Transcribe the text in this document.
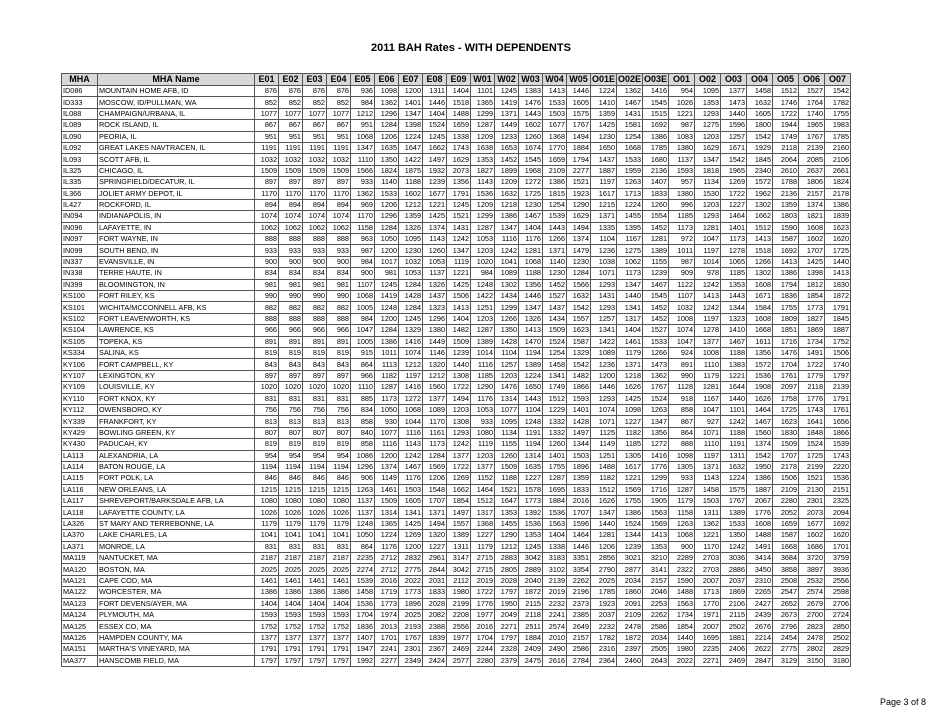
2011 BAH Rates - WITH DEPENDENTS
MHA	MHA Name	E01	E02	E03	E04	E05	E06	E07	E08	E09	W01	W02	W03	W04	W05	O01E	O02E	O03E	O01	O02	O03	O04	O05	O06	O07
ID086	MOUNTAIN HOME AFB, ID	876	876	876	876	936	1098	1200	1311	1404	1101	1245	1383	1413	1446	1224	1362	1416	954	1095	1377	1458	1512	1527	1542
ID333	MOSCOW, ID/PULLMAN, WA	852	852	852	852	984	1362	1401	1446	1518	1365	1419	1476	1533	1605	1410	1467	1545	1026	1353	1473	1632	1746	1764	1782
IL088	CHAMPAIGN/URBANA, IL	1077	1077	1077	1077	1212	1296	1347	1404	1488	1299	1371	1443	1503	1575	1359	1431	1515	1221	1293	1440	1605	1722	1740	1755
IL089	ROCK ISLAND, IL	867	867	867	867	951	1284	1398	1524	1659	1287	1449	1602	1677	1767	1425	1581	1692	987	1275	1596	1800	1944	1965	1983
IL090	PEORIA, IL	951	951	951	951	1068	1206	1224	1245	1338	1209	1233	1260	1368	1494	1230	1254	1386	1083	1203	1257	1542	1749	1767	1785
IL092	GREAT LAKES NAVTRACEN, IL	1191	1191	1191	1191	1347	1635	1647	1662	1743	1638	1653	1674	1770	1884	1650	1668	1785	1380	1629	1671	1929	2118	2139	2160
IL093	SCOTT AFB, IL	1032	1032	1032	1032	1110	1350	1422	1497	1629	1353	1452	1545	1659	1794	1437	1533	1680	1137	1347	1542	1845	2064	2085	2106
IL325	CHICAGO, IL	1509	1509	1509	1509	1566	1824	1875	1932	2073	1827	1899	1968	2109	2277	1887	1959	2136	1593	1818	1965	2340	2610	2637	2661
IL335	SPRINGFIELD/DECATUR, IL	897	897	897	897	933	1140	1188	1239	1356	1143	1209	1272	1386	1521	1197	1263	1407	957	1134	1269	1572	1788	1806	1824
IL366	JOLIET ARMY DEPOT, IL	1170	1170	1170	1170	1362	1533	1602	1677	1791	1536	1632	1725	1815	1923	1617	1713	1833	1380	1530	1722	1962	2136	2157	2178
IL427	ROCKFORD, IL	894	894	894	894	969	1206	1212	1221	1245	1209	1218	1230	1254	1290	1215	1224	1260	996	1203	1227	1302	1359	1374	1386
IN094	INDIANAPOLIS, IN	1074	1074	1074	1074	1170	1296	1359	1425	1521	1299	1386	1467	1539	1629	1371	1455	1554	1185	1293	1464	1662	1803	1821	1839
IN096	LAFAYETTE, IN	1062	1062	1062	1062	1158	1284	1326	1374	1431	1287	1347	1404	1443	1494	1335	1395	1452	1173	1281	1401	1512	1590	1608	1623
IN097	FORT WAYNE, IN	888	888	888	888	963	1050	1095	1143	1242	1053	1116	1176	1266	1374	1104	1167	1281	972	1047	1173	1413	1587	1602	1620
IN099	SOUTH BEND, IN	933	933	933	933	987	1200	1230	1260	1347	1203	1242	1281	1371	1479	1236	1275	1389	1011	1197	1278	1518	1692	1707	1725
IN337	EVANSVILLE, IN	900	900	900	900	984	1017	1032	1053	1119	1020	1041	1068	1140	1230	1038	1062	1155	987	1014	1065	1266	1413	1425	1440
IN338	TERRE HAUTE, IN	834	834	834	834	900	981	1053	1137	1221	984	1089	1188	1230	1284	1071	1173	1239	909	978	1185	1302	1386	1398	1413
IN399	BLOOMINGTON, IN	981	981	981	981	1107	1245	1284	1326	1425	1248	1302	1356	1452	1566	1293	1347	1467	1122	1242	1353	1608	1794	1812	1830
KS100	FORT RILEY, KS	990	990	990	990	1068	1419	1428	1437	1506	1422	1434	1446	1527	1632	1431	1440	1545	1107	1413	1443	1671	1836	1854	1872
KS101	WICHITA/MCCONNELL AFB, KS	882	882	882	882	1005	1248	1284	1323	1413	1251	1299	1347	1437	1542	1293	1341	1452	1032	1242	1344	1584	1755	1773	1791
KS102	FORT LEAVENWORTH, KS	888	888	888	888	984	1200	1245	1296	1404	1203	1266	1326	1434	1557	1257	1317	1452	1008	1197	1323	1608	1809	1827	1845
KS104	LAWRENCE, KS	966	966	966	966	1047	1284	1329	1380	1482	1287	1350	1413	1509	1623	1341	1404	1527	1074	1278	1410	1668	1851	1869	1887
KS105	TOPEKA, KS	891	891	891	891	1005	1386	1416	1449	1509	1389	1428	1470	1524	1587	1422	1461	1533	1047	1377	1467	1611	1716	1734	1752
KS334	SALINA, KS	819	819	819	819	915	1011	1074	1146	1239	1014	1104	1194	1254	1329	1089	1179	1266	924	1008	1188	1356	1476	1491	1506
KY106	FORT CAMPBELL, KY	843	843	843	843	864	1113	1212	1320	1440	1116	1257	1389	1458	1542	1236	1371	1473	891	1110	1383	1572	1704	1722	1740
KY107	LEXINGTON, KY	897	897	897	897	966	1182	1197	1212	1308	1185	1203	1224	1341	1482	1200	1218	1362	990	1179	1221	1536	1761	1779	1797
KY109	LOUISVILLE, KY	1020	1020	1020	1020	1110	1287	1416	1560	1722	1290	1476	1650	1749	1866	1446	1626	1767	1128	1281	1644	1908	2097	2118	2139
KY110	FORT KNOX, KY	831	831	831	831	885	1173	1272	1377	1494	1176	1314	1443	1512	1593	1293	1425	1524	918	1167	1440	1626	1758	1776	1791
KY112	OWENSBORO, KY	756	756	756	756	834	1050	1068	1089	1203	1053	1077	1104	1229	1401	1074	1098	1263	858	1047	1101	1464	1725	1743	1761
KY339	FRANKFORT, KY	813	813	813	813	858	930	1044	1170	1308	933	1095	1248	1332	1428	1071	1227	1347	867	927	1242	1467	1623	1641	1656
KY429	BOWLING GREEN, KY	807	807	807	807	840	1077	1116	1161	1293	1080	1134	1191	1332	1497	1125	1182	1356	864	1071	1188	1560	1830	1848	1866
KY430	PADUCAH, KY	819	819	819	819	858	1116	1143	1173	1242	1119	1155	1194	1260	1344	1149	1185	1272	888	1110	1191	1374	1509	1524	1539
LA113	ALEXANDRIA, LA	954	954	954	954	1086	1200	1242	1284	1377	1203	1260	1314	1401	1503	1251	1305	1416	1098	1197	1311	1542	1707	1725	1743
LA114	BATON ROUGE, LA	1194	1194	1194	1194	1296	1374	1467	1569	1722	1377	1509	1635	1755	1896	1488	1617	1776	1305	1371	1632	1950	2178	2199	2220
LA115	FORT POLK, LA	846	846	846	846	906	1149	1176	1206	1269	1152	1188	1227	1287	1359	1182	1221	1299	933	1143	1224	1386	1506	1521	1536
LA116	NEW ORLEANS, LA	1215	1215	1215	1215	1263	1461	1503	1548	1662	1464	1521	1578	1695	1833	1512	1569	1716	1287	1458	1575	1887	2109	2130	2151
LA117	SHREVEPORT/BARKSDALE AFB, LA	1080	1080	1080	1080	1137	1509	1605	1707	1854	1512	1647	1773	1884	2016	1626	1755	1905	1179	1503	1767	2067	2280	2301	2325
LA118	LAFAYETTE COUNTY, LA	1026	1026	1026	1026	1137	1314	1341	1371	1497	1317	1353	1392	1536	1707	1347	1386	1563	1158	1311	1389	1776	2052	2073	2094
LA326	ST MARY AND TERREBONNE, LA	1179	1179	1179	1179	1248	1365	1425	1494	1557	1368	1455	1536	1563	1596	1440	1524	1569	1263	1362	1533	1608	1659	1677	1692
LA370	LAKE CHARLES, LA	1041	1041	1041	1041	1050	1224	1269	1320	1389	1227	1290	1353	1404	1464	1281	1344	1413	1068	1221	1350	1488	1587	1602	1620
LA371	MONROE, LA	831	831	831	831	864	1176	1200	1227	1311	1179	1212	1245	1338	1446	1206	1239	1353	900	1170	1242	1491	1668	1686	1701
MA119	NANTUCKET, MA	2187	2187	2187	2187	2235	2712	2832	2961	3147	2715	2883	3042	3183	3351	2856	3021	3210	2289	2703	3036	3414	3684	3720	3759
MA120	BOSTON, MA	2025	2025	2025	2025	2274	2712	2775	2844	3042	2715	2805	2889	3102	3354	2790	2877	3141	2322	2703	2886	3450	3858	3897	3936
MA121	CAPE COD, MA	1461	1461	1461	1461	1539	2016	2022	2031	2112	2019	2028	2040	2139	2262	2025	2034	2157	1590	2007	2037	2310	2508	2532	2556
MA122	WORCESTER, MA	1386	1386	1386	1386	1458	1719	1773	1833	1980	1722	1797	1872	2019	2196	1785	1860	2046	1488	1713	1869	2265	2547	2574	2598
MA123	FORT DEVENS/AYER, MA	1404	1404	1404	1404	1536	1773	1896	2028	2199	1776	1950	2115	2232	2373	1923	2091	2253	1563	1770	2106	2427	2652	2679	2706
MA124	PLYMOUTH, MA	1593	1593	1593	1593	1704	1974	2025	2082	2208	1977	2049	2118	2241	2385	2037	2109	2262	1734	1971	2115	2439	2673	2700	2724
MA125	ESSEX CO, MA	1752	1752	1752	1752	1836	2013	2193	2388	2556	2016	2271	2511	2574	2649	2232	2478	2586	1854	2007	2502	2676	2796	2823	2850
MA126	HAMPDEN COUNTY, MA	1377	1377	1377	1377	1407	1701	1767	1839	1977	1704	1797	1884	2010	2157	1782	1872	2034	1440	1695	1881	2214	2454	2478	2502
MA151	MARTHA'S VINEYARD, MA	1791	1791	1791	1791	1947	2241	2301	2367	2469	2244	2328	2409	2490	2586	2316	2397	2505	1980	2235	2406	2622	2775	2802	2829
MA377	HANSCOMB FIELD, MA	1797	1797	1797	1797	1992	2277	2349	2424	2577	2280	2379	2475	2616	2784	2364	2460	2643	2022	2271	2469	2847	3129	3150	3180
Page 3 of 8
